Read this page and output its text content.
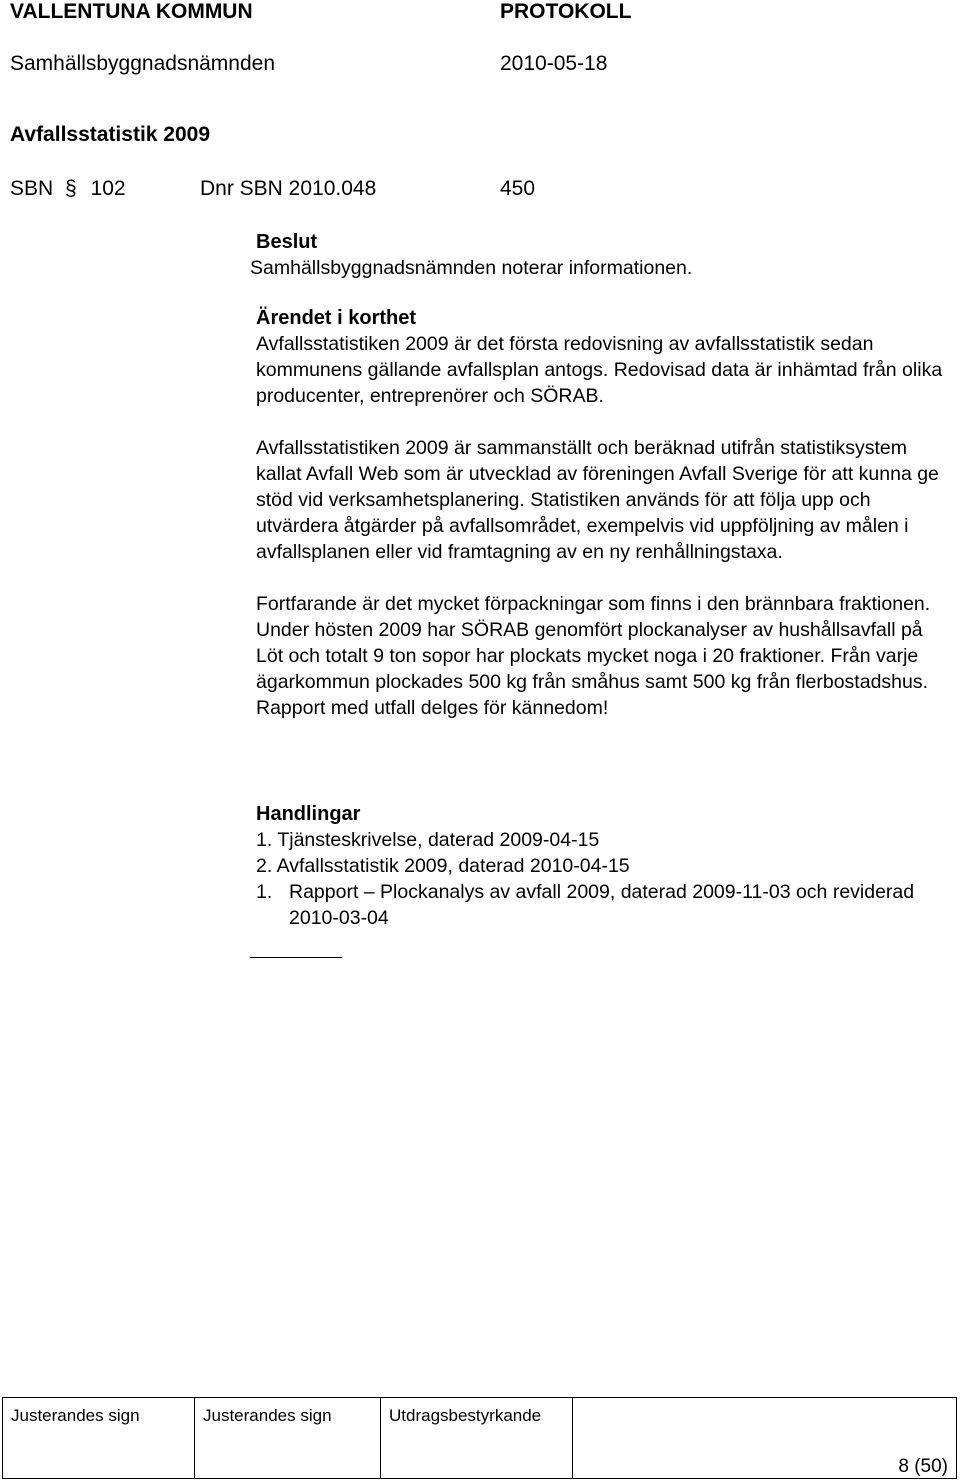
VALLENTUNA KOMMUN	PROTOKOLL
Samhällsbyggnadsnämnden	2010-05-18
Avfallsstatistik 2009
SBN § 102	Dnr SBN 2010.048	450
Beslut
Samhällsbyggnadsnämnden noterar informationen.
Ärendet i korthet

Avfallsstatistiken 2009 är det första redovisning av avfallsstatistik sedan kommunens gällande avfallsplan antogs. Redovisad data är inhämtad från olika producenter, entreprenörer och SÖRAB.

Avfallsstatistiken 2009 är sammanställt och beräknad utifrån statistiksystem kallat Avfall Web som är utvecklad av föreningen Avfall Sverige för att kunna ge stöd vid verksamhetsplanering. Statistiken används för att följa upp och utvärdera åtgärder på avfallsområdet, exempelvis vid uppföljning av målen i avfallsplanen eller vid framtagning av en ny renhållningstaxa.

Fortfarande är det mycket förpackningar som finns i den brännbara fraktionen. Under hösten 2009 har SÖRAB genomfört plockanalyser av hushållsavfall på Löt och totalt 9 ton sopor har plockats mycket noga i 20 fraktioner. Från varje ägarkommun plockades 500 kg från småhus samt 500 kg från flerbostadshus. Rapport med utfall delges för kännedom!

Handlingar
1. Tjänsteskrivelse, daterad 2009-04-15
2. Avfallsstatistik 2009, daterad 2010-04-15
1. Rapport – Plockanalys av avfall 2009, daterad 2009-11-03 och reviderad 2010-03-04
Justerandes sign	Justerandes sign	Utdragsbestyrkande
8 (50)
